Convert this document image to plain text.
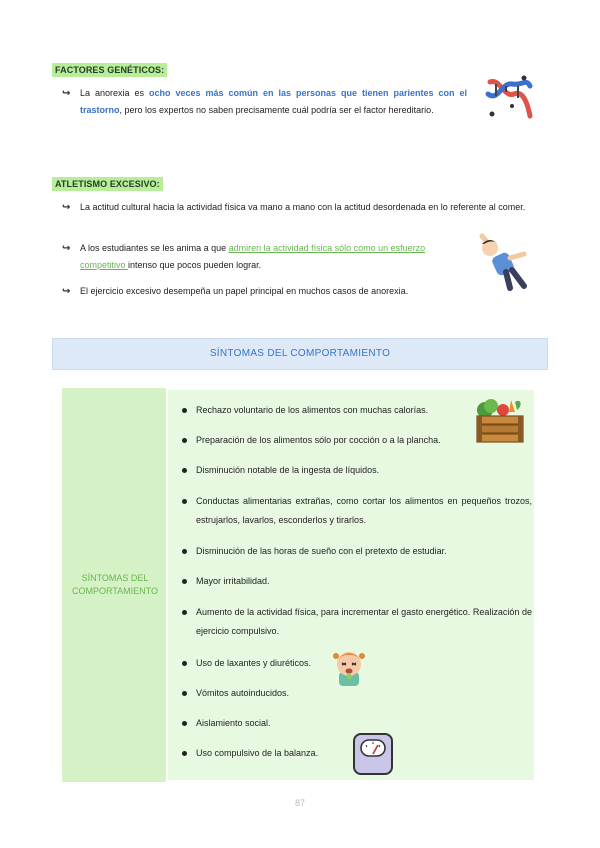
FACTORES GENÉTICOS:
↪ La anorexia es ocho veces más común en las personas que tienen parientes con el trastorno, pero los expertos no saben precisamente cuál podría ser el factor hereditario.
ATLETISMO EXCESIVO:
↪ La actitud cultural hacia la actividad física va mano a mano con la actitud desordenada en lo referente al comer.
↪ A los estudiantes se les anima a que admiren la actividad física sólo como un esfuerzo competitivo intenso que pocos pueden lograr.
↪ El ejercicio excesivo desempeña un papel principal en muchos casos de anorexia.
SÍNTOMAS DEL COMPORTAMIENTO
SÍNTOMAS DEL
COMPORTAMIENTO
Rechazo voluntario de los alimentos con muchas calorías.
Preparación de los alimentos sólo por cocción o a la plancha.
Disminución notable de la ingesta de líquidos.
Conductas alimentarias extrañas, como cortar los alimentos en pequeños trozos, estrujarlos, lavarlos, esconderlos y tirarlos.
Disminución de las horas de sueño con el pretexto de estudiar.
Mayor irritabilidad.
Aumento de la actividad física, para incrementar el gasto energético. Realización de ejercicio compulsivo.
Uso de laxantes y diuréticos.
Vómitos autoinducidos.
Aislamiento social.
Uso compulsivo de la balanza.
87
